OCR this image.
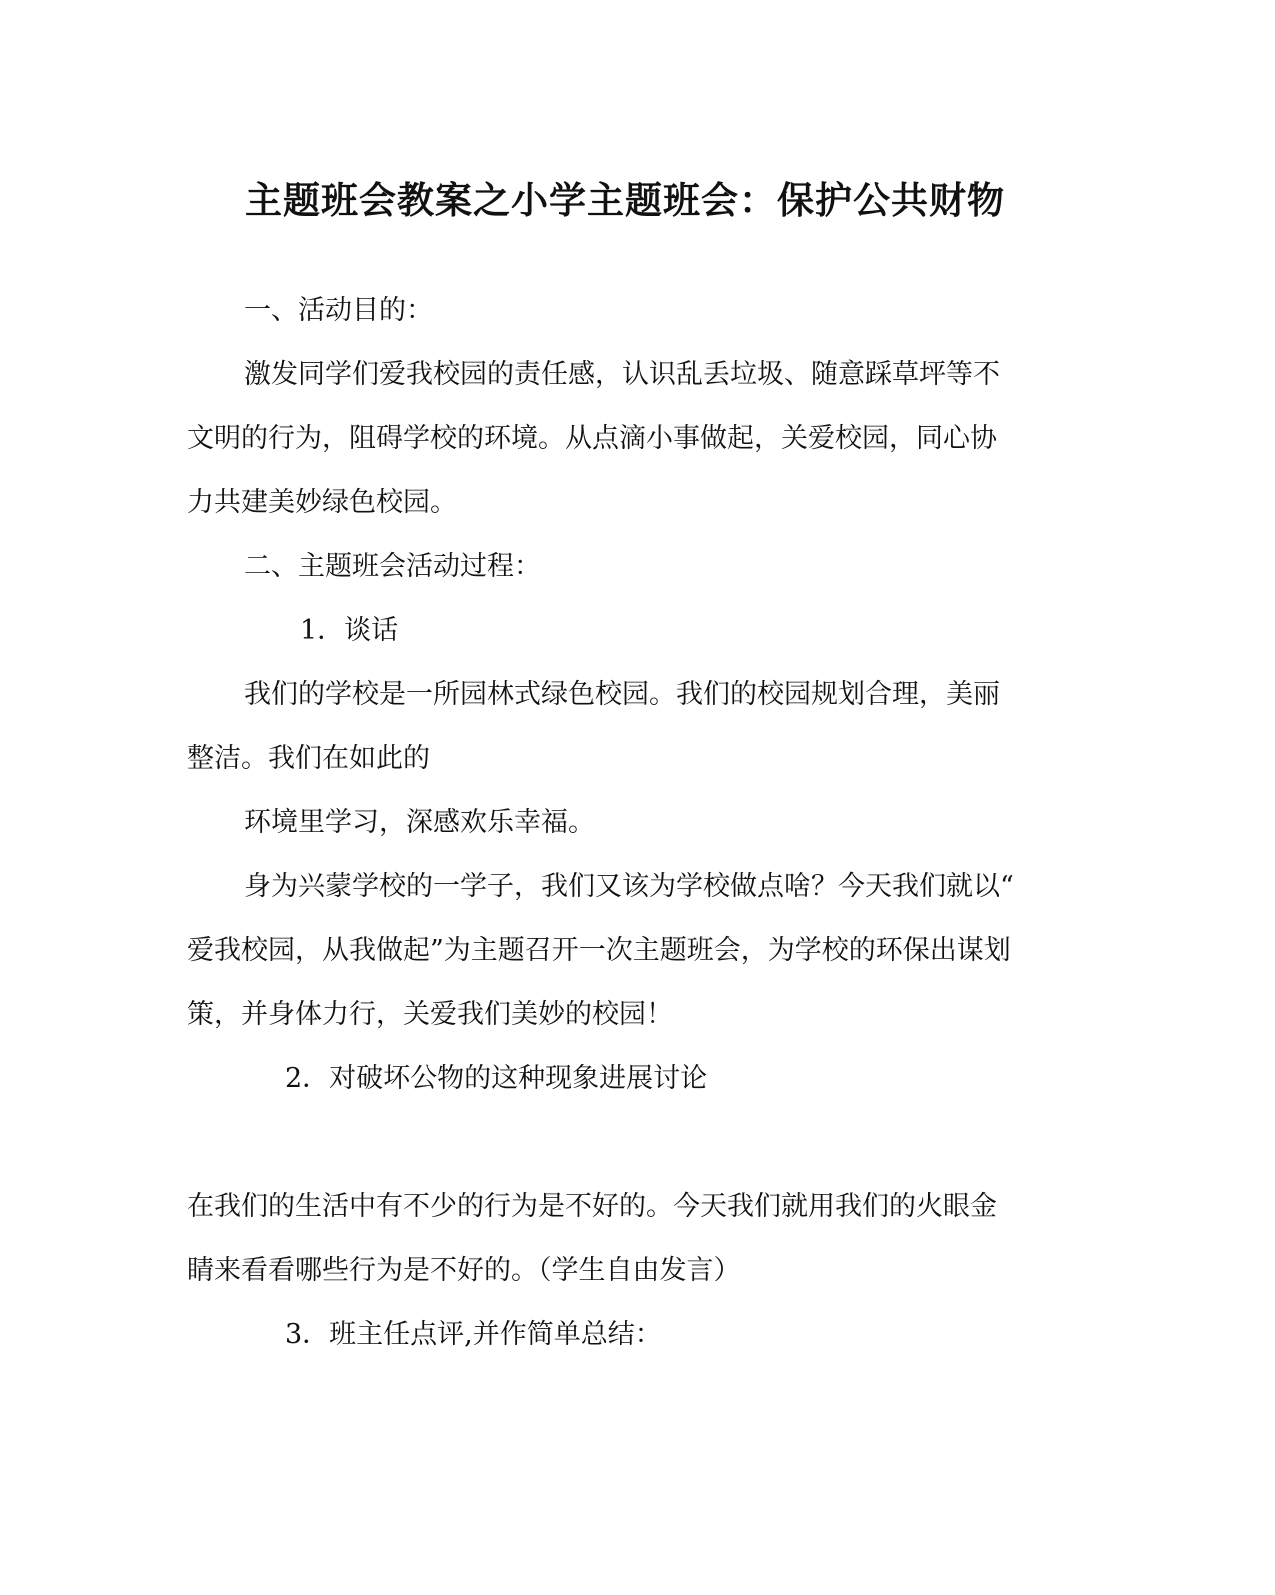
主题班会教案之小学主题班会：保护公共财物
一、活动目的：
激发同学们爱我校园的责任感，认识乱丢垃圾、随意踩草坪等不
文明的行为，阻碍学校的环境。从点滴小事做起，关爱校园，同心协
力共建美妙绿色校园。
二、主题班会活动过程：
1．谈话
我们的学校是一所园林式绿色校园。我们的校园规划合理，美丽
整洁。我们在如此的
环境里学习，深感欢乐幸福。
身为兴蒙学校的一学子，我们又该为学校做点啥？今天我们就以“
爱我校园，从我做起”为主题召开一次主题班会，为学校的环保出谋划
策，并身体力行，关爱我们美妙的校园！
2．对破坏公物的这种现象进展讨论
在我们的生活中有不少的行为是不好的。今天我们就用我们的火眼金
睛来看看哪些行为是不好的。（学生自由发言）
3．班主任点评,并作简单总结：
